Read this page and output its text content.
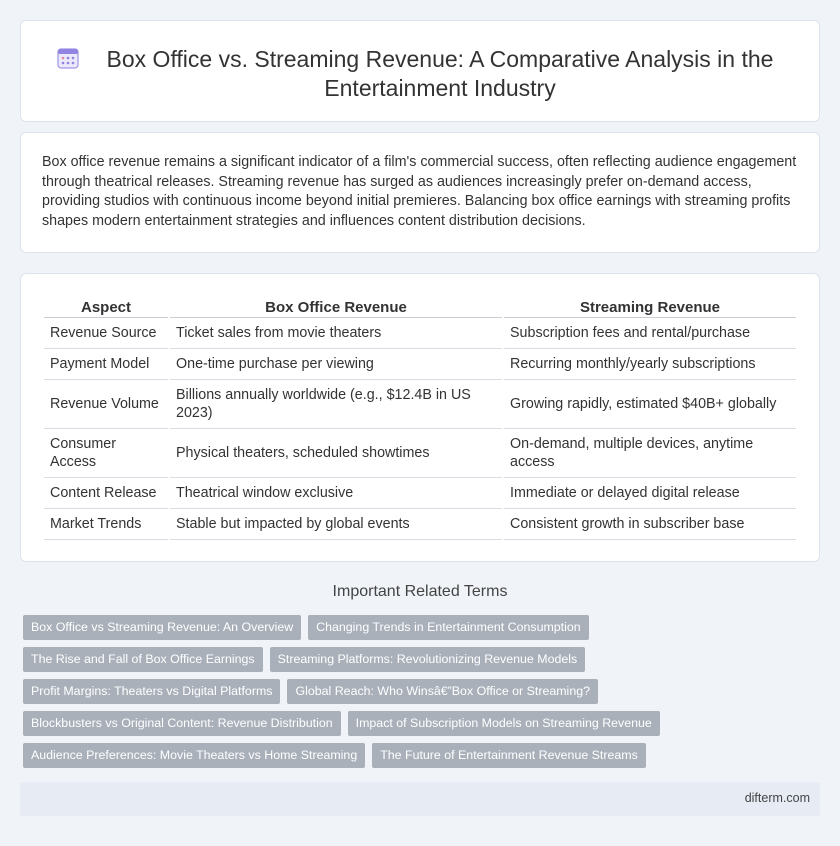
Box Office vs. Streaming Revenue: A Comparative Analysis in the Entertainment Industry

Box office revenue remains a significant indicator of a film's commercial success, often reflecting audience engagement through theatrical releases. Streaming revenue has surged as audiences increasingly prefer on-demand access, providing studios with continuous income beyond initial premieres. Balancing box office earnings with streaming profits shapes modern entertainment strategies and influences content distribution decisions.

Aspect	Box Office Revenue	Streaming Revenue
Revenue Source	Ticket sales from movie theaters	Subscription fees and rental/purchase
Payment Model	One-time purchase per viewing	Recurring monthly/yearly subscriptions
Revenue Volume	Billions annually worldwide (e.g., $12.4B in US 2023)	Growing rapidly, estimated $40B+ globally
Consumer Access	Physical theaters, scheduled showtimes	On-demand, multiple devices, anytime access
Content Release	Theatrical window exclusive	Immediate or delayed digital release
Market Trends	Stable but impacted by global events	Consistent growth in subscriber base
Important Related Terms
Box Office vs Streaming Revenue: An Overview	Changing Trends in Entertainment Consumption
The Rise and Fall of Box Office Earnings	Streaming Platforms: Revolutionizing Revenue Models
Profit Margins: Theaters vs Digital Platforms	Global Reach: Who Winsâ€”Box Office or Streaming?
Blockbusters vs Original Content: Revenue Distribution	Impact of Subscription Models on Streaming Revenue
Audience Preferences: Movie Theaters vs Home Streaming	The Future of Entertainment Revenue Streams
difterm.com
